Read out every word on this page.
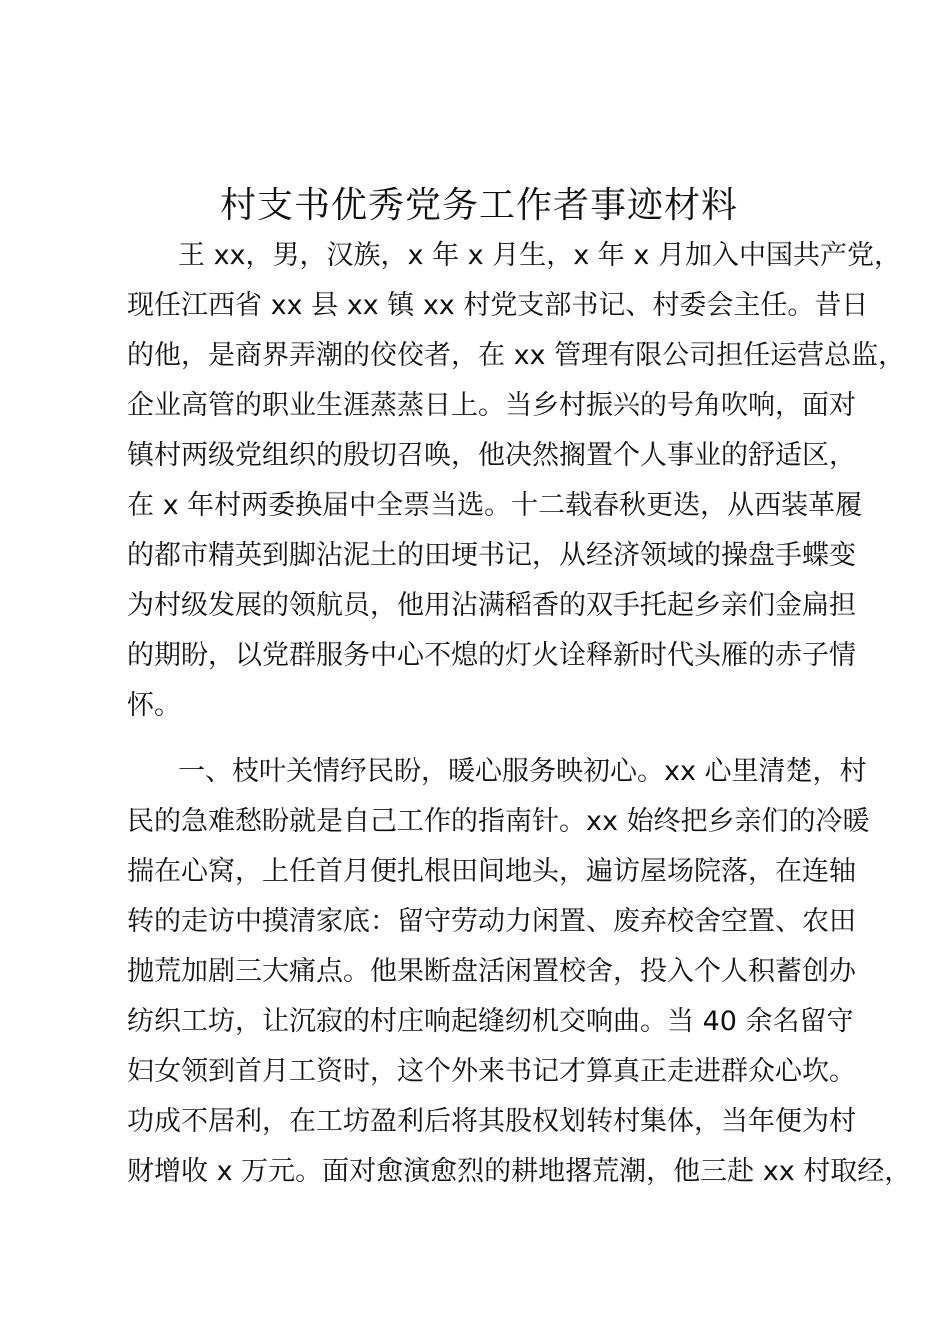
村支书优秀党务工作者事迹材料
王 xx，男，汉族，x 年 x 月生，x 年 x 月加入中国共产党，
现任江西省 xx 县 xx 镇 xx 村党支部书记、村委会主任。昔日
的他，是商界弄潮的佼佼者，在 xx 管理有限公司担任运营总监，
企业高管的职业生涯蒸蒸日上。当乡村振兴的号角吹响，面对
镇村两级党组织的殷切召唤，他决然搁置个人事业的舒适区，
在 x 年村两委换届中全票当选。十二载春秋更迭，从西装革履
的都市精英到脚沾泥土的田埂书记，从经济领域的操盘手蝶变
为村级发展的领航员，他用沾满稻香的双手托起乡亲们金扁担
的期盼，以党群服务中心不熄的灯火诠释新时代头雁的赤子情
怀。
一、枝叶关情纾民盼，暖心服务映初心。xx 心里清楚，村
民的急难愁盼就是自己工作的指南针。xx 始终把乡亲们的冷暖
揣在心窝，上任首月便扎根田间地头，遍访屋场院落，在连轴
转的走访中摸清家底：留守劳动力闲置、废弃校舍空置、农田
抛荒加剧三大痛点。他果断盘活闲置校舍，投入个人积蓄创办
纺织工坊，让沉寂的村庄响起缝纫机交响曲。当 40 余名留守
妇女领到首月工资时，这个外来书记才算真正走进群众心坎。
功成不居利，在工坊盈利后将其股权划转村集体，当年便为村
财增收 x 万元。面对愈演愈烈的耕地撂荒潮，他三赴 xx 村取经，
